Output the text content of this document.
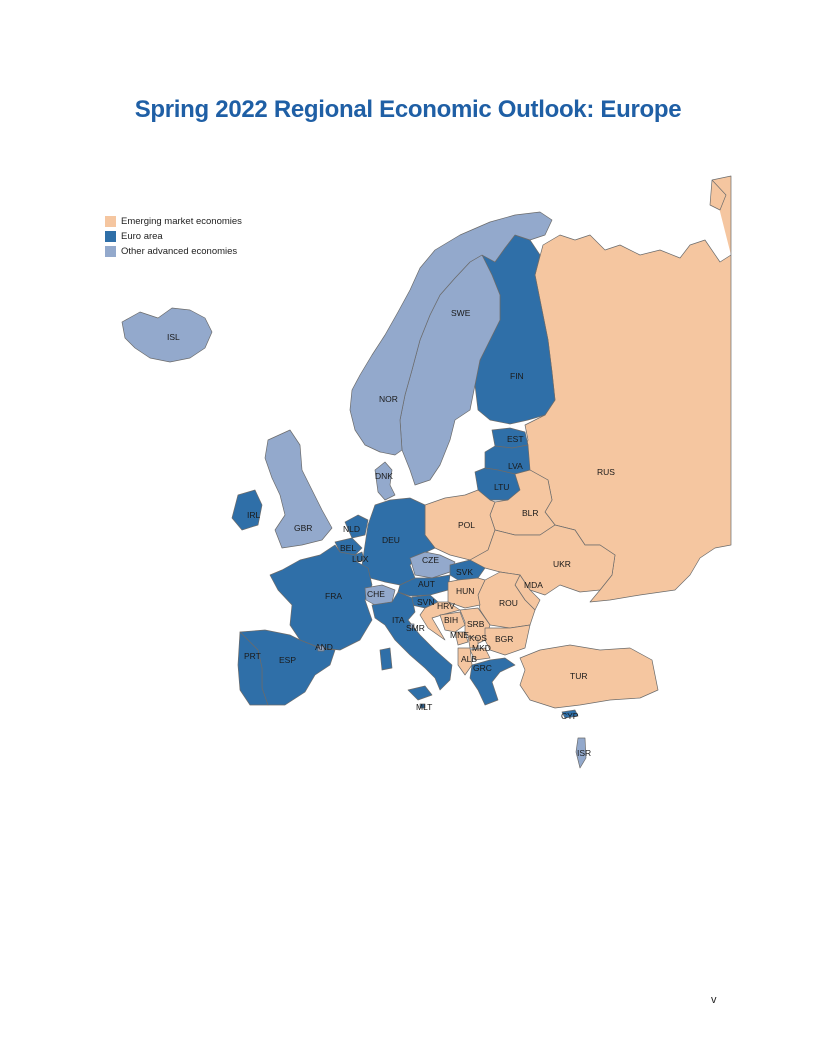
Spring 2022 Regional Economic Outlook: Europe
Emerging market economies
Euro area
Other advanced economies
ISL
SWE
NOR
FIN
EST
LVA
LTU
DNK	RUS
BLR
POL
IRL
GBR	NLD
BEL
LUX
DEU
CZE
SVK
UKR
MDA
AUT
HUN
ROU
FRA	CHE
SVN HRV
BIH SRB
ITA
SMR
MNE KOS
MKD
BGR
ALB
GRC
AND
PRT ESP
TUR
MLT
CYP
ISR
v
